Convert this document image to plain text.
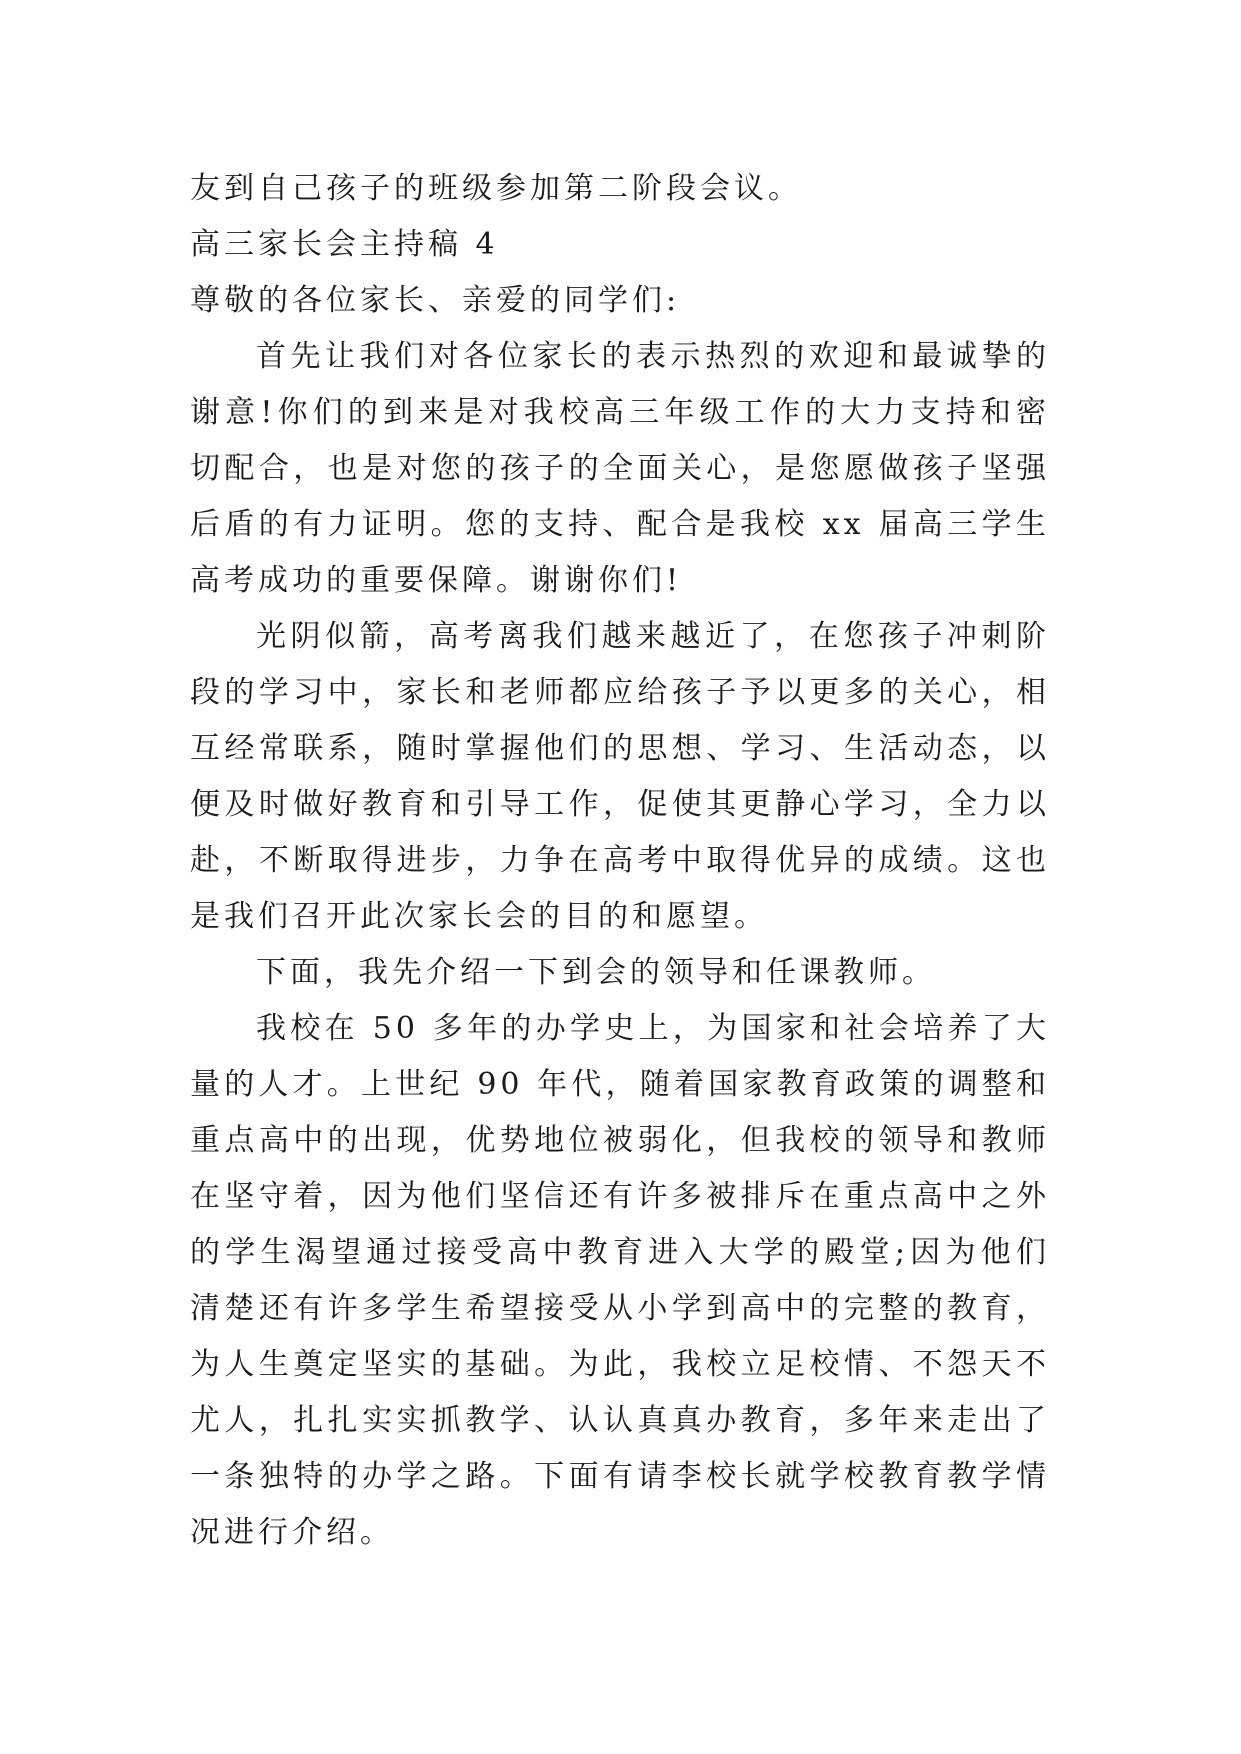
友到自己孩子的班级参加第二阶段会议。

高三家长会主持稿 4

尊敬的各位家长、亲爱的同学们:

首先让我们对各位家长的表示热烈的欢迎和最诚挚的谢意!你们的到来是对我校高三年级工作的大力支持和密切配合，也是对您的孩子的全面关心，是您愿做孩子坚强后盾的有力证明。您的支持、配合是我校 xx 届高三学生高考成功的重要保障。谢谢你们!

光阴似箭，高考离我们越来越近了，在您孩子冲刺阶段的学习中，家长和老师都应给孩子予以更多的关心，相互经常联系，随时掌握他们的思想、学习、生活动态，以便及时做好教育和引导工作，促使其更静心学习，全力以赴，不断取得进步，力争在高考中取得优异的成绩。这也是我们召开此次家长会的目的和愿望。

下面，我先介绍一下到会的领导和任课教师。

我校在 50 多年的办学史上，为国家和社会培养了大量的人才。上世纪 90 年代，随着国家教育政策的调整和重点高中的出现，优势地位被弱化，但我校的领导和教师在坚守着，因为他们坚信还有许多被排斥在重点高中之外的学生渴望通过接受高中教育进入大学的殿堂;因为他们清楚还有许多学生希望接受从小学到高中的完整的教育，为人生奠定坚实的基础。为此，我校立足校情、不怨天不尤人，扎扎实实抓教学、认认真真办教育，多年来走出了一条独特的办学之路。下面有请李校长就学校教育教学情况进行介绍。
